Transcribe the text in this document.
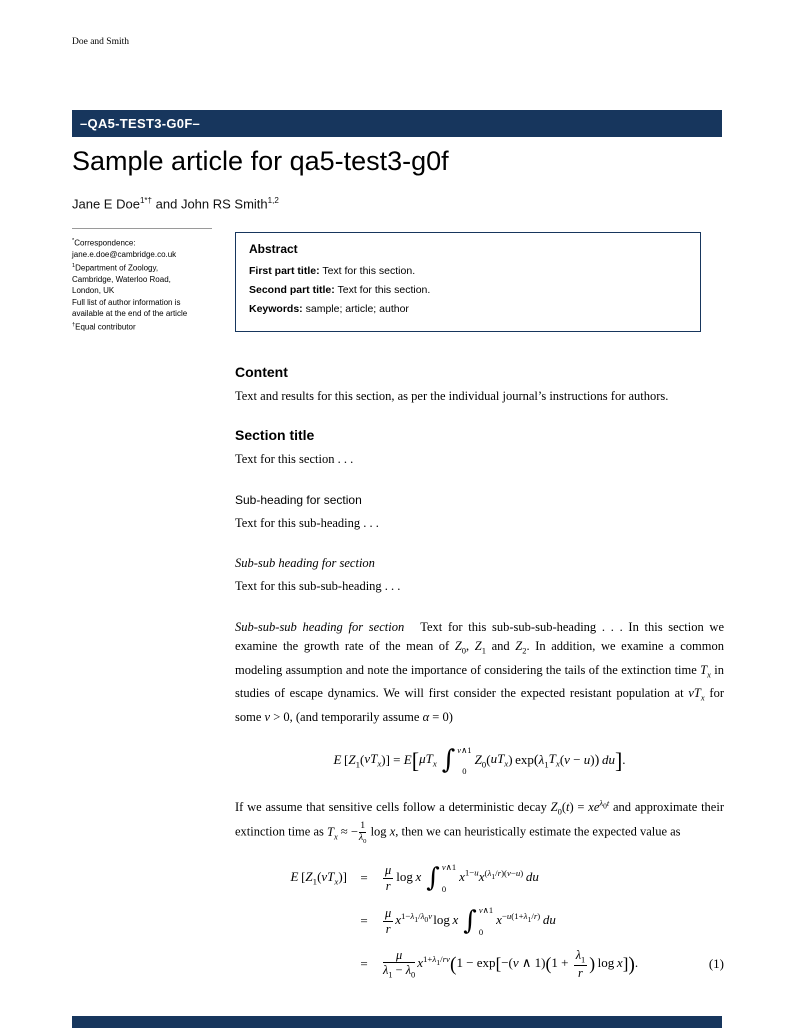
Doe and Smith
–QA5-TEST3-G0F–
Sample article for qa5-test3-g0f
Jane E Doe$^{1*\dagger}$ and John RS Smith$^{1,2}$
*Correspondence:
jane.e.doe@cambridge.co.uk
$^1$Department of Zoology,
Cambridge, Waterloo Road,
London, UK
Full list of author information is
available at the end of the article
†Equal contributor
Abstract

First part title: Text for this section.

Second part title: Text for this section.

Keywords: sample; article; author

Content

Text and results for this section, as per the individual journal’s instructions for authors.

Section title

Text for this section . . .

Sub-heading for section

Text for this sub-heading . . .

Sub-sub heading for section

Text for this sub-sub-heading . . .

Sub-sub-sub heading for section Text for this sub-sub-sub-heading . . . In this section we examine the growth rate of the mean of $Z_0$, $Z_1$ and $Z_2$. In addition, we examine a common modeling assumption and note the importance of considering the tails of the extinction time $T_x$ in studies of escape dynamics. We will first consider the expected resistant population at $vT_x$ for some v > 0, (and temporarily assume α = 0)

E $[Z_1(vT_x)] = E[\mu T_x$ ∫ v∧1
0
$Z_0(uT_x) \exp(\lambda_1T_x(v - u))$  du].

If we assume that sensitive cells follow a deterministic decay $Z_0(t) = xe^{\lambda_0t}$ and approximate their extinction time as $T_x$ ≈ − $\frac{1}{\lambda_0}$ log x, then we can heuristically estimate the expected value as

E $[Z_1(vT_x)]$	=	$\frac{\mu}{r}$  log x ∫ v∧1
0
$x^{1-u}x^{(\lambda_1/r)(v-u)}$  du
=	$\frac{\mu}{r} x^{1-\lambda_1/\lambda_0v}$ log x ∫ v∧1
0
$x^{-u(1+\lambda_1/r)}$  du
=	$\frac{\mu}{\lambda_1 - \lambda_0} x^{1+\lambda_1/rv}(1 - \exp[-(v$ ∧ $1)(1 + \frac{\lambda_1}{r}$ ) log x]).	(1)
